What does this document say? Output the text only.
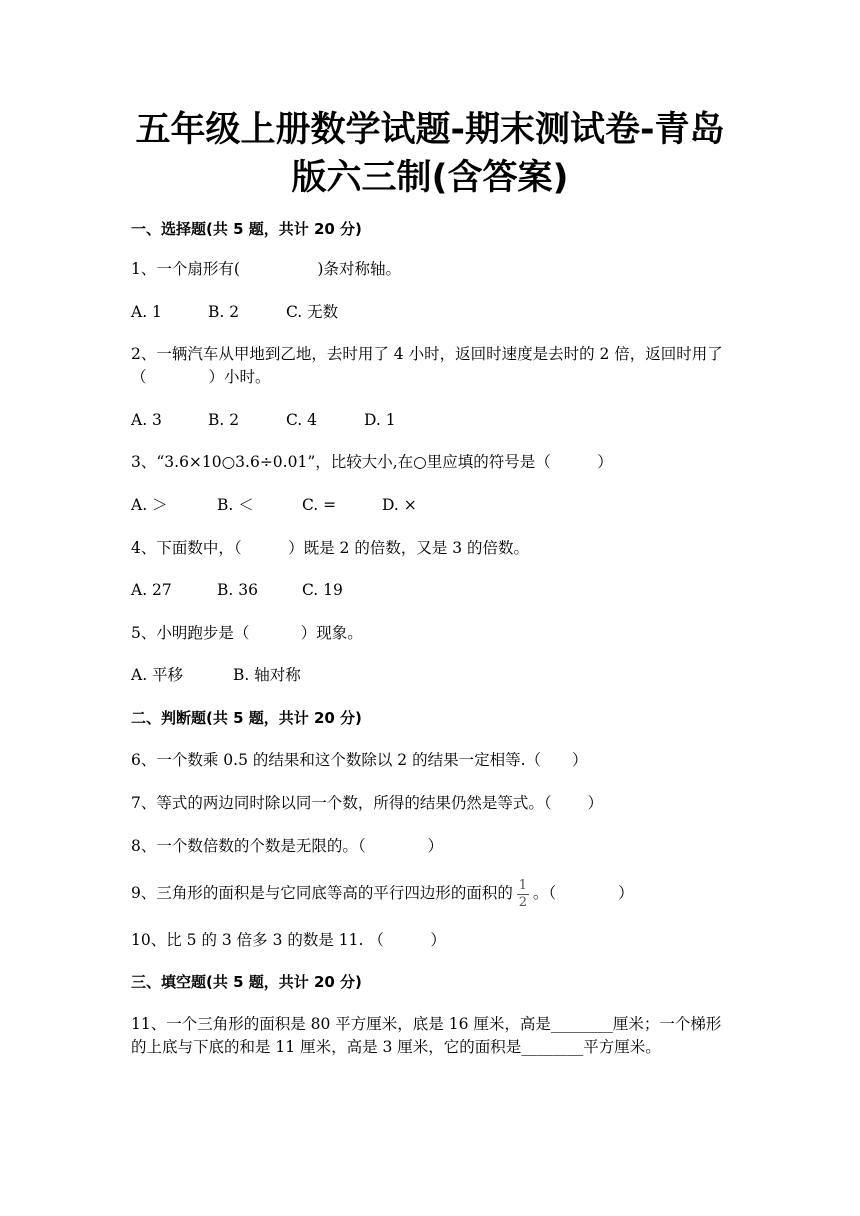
五年级上册数学试题-期末测试卷-青岛
版六三制(含答案)
一、选择题(共 5 题，共计 20 分)
1、一个扇形有(　　　　　)条对称轴。
A. 1	B. 2	C. 无数
2、一辆汽车从甲地到乙地，去时用了 4 小时，返回时速度是去时的 2 倍，返回时用了（　　　　）小时。
A. 3	B. 2	C. 4	D. 1
3、“3.6×10○3.6÷0.01”，比较大小,在○里应填的符号是（　　　）
A. ＞	B. ＜	C. =	D. ×
4、下面数中，（　　　）既是 2 的倍数，又是 3 的倍数。
A. 27	B. 36	C. 19
5、小明跑步是（　　　 ）现象。
A. 平移	B. 轴对称
二、判断题(共 5 题，共计 20 分)
6、一个数乘 0.5 的结果和这个数除以 2 的结果一定相等.（　　）
7、等式的两边同时除以同一个数，所得的结果仍然是等式。（　　 ）
8、一个数倍数的个数是无限的。（　　　　）
9、三角形的面积是与它同底等高的平行四边形的面积的 $\frac{1}{2}$ 。（　　　　）
10、比 5 的 3 倍多 3 的数是 11. （　　　）
三、填空题(共 5 题，共计 20 分)
11、一个三角形的面积是 80 平方厘米，底是 16 厘米，高是________厘米；一个梯形的上底与下底的和是 11 厘米，高是 3 厘米，它的面积是________平方厘米。
